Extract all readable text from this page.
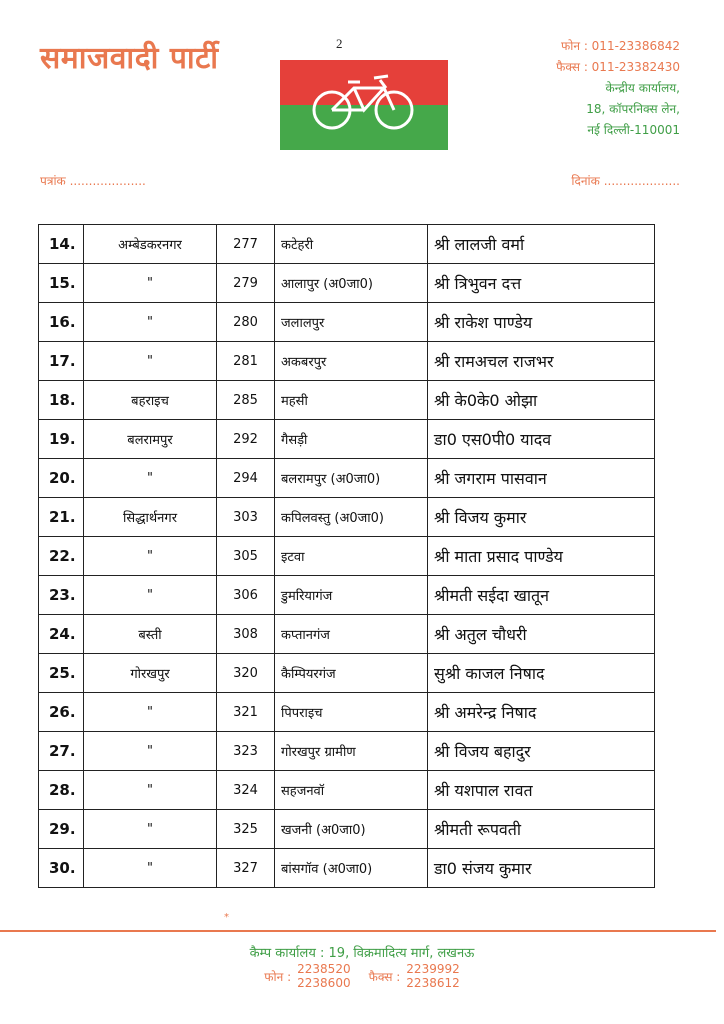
समाजवादी पार्टी	2	फोन : 011-23386842
फैक्स : 011-23382430
केन्द्रीय कार्यालय,
18, कॉपरनिक्स लेन,
नई दिल्ली-110001
पत्रांक ....................	दिनांक ....................
14.	अम्बेडकरनगर	277	कटेहरी	श्री लालजी वर्मा
15.	"	279	आलापुर (अ0जा0)	श्री त्रिभुवन दत्त
16.	"	280	जलालपुर	श्री राकेश पाण्डेय
17.	"	281	अकबरपुर	श्री रामअचल राजभर
18.	बहराइच	285	महसी	श्री के0के0 ओझा
19.	बलरामपुर	292	गैसड़ी	डा0 एस0पी0 यादव
20.	"	294	बलरामपुर (अ0जा0)	श्री जगराम पासवान
21.	सिद्धार्थनगर	303	कपिलवस्तु (अ0जा0)	श्री विजय कुमार
22.	"	305	इटवा	श्री माता प्रसाद पाण्डेय
23.	"	306	डुमरियागंज	श्रीमती सईदा खातून
24.	बस्ती	308	कप्तानगंज	श्री अतुल चौधरी
25.	गोरखपुर	320	कैम्पियरगंज	सुश्री काजल निषाद
26.	"	321	पिपराइच	श्री अमरेन्द्र निषाद
27.	"	323	गोरखपुर ग्रामीण	श्री विजय बहादुर
28.	"	324	सहजनवॉ	श्री यशपाल रावत
29.	"	325	खजनी (अ0जा0)	श्रीमती रूपवती
30.	"	327	बांसगॉव (अ0जा0)	डा0 संजय कुमार
*
कैम्प कार्यालय : 19, विक्रमादित्य मार्ग, लखनऊ
फोन :
2238520
2238600 फैक्स :
2239992
2238612
